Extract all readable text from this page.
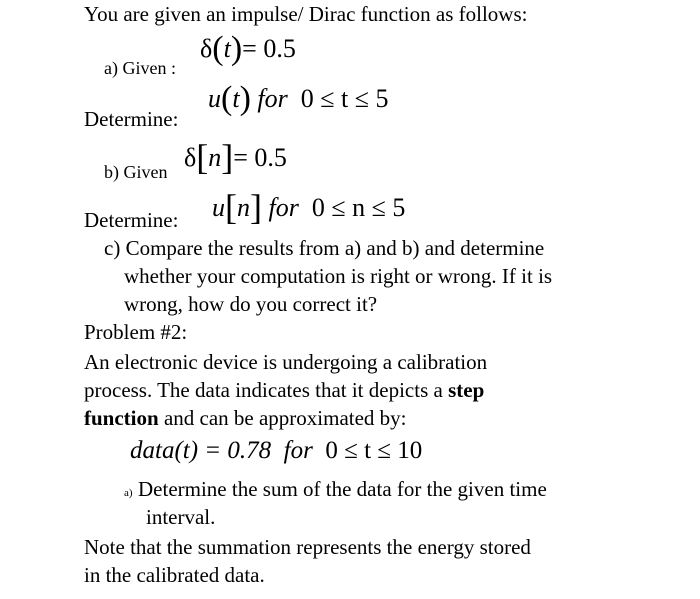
You are given an impulse/ Dirac function as follows:
a) Given :
δ(t)= 0.5
Determine:
u(t) for 0 ≤ t ≤ 5
b) Given δ[n]= 0.5
Determine: u[n] for 0 ≤ n ≤ 5
c) Compare the results from a) and b) and determine
whether your computation is right or wrong. If it is
wrong, how do you correct it?
Problem #2:
An electronic device is undergoing a calibration
process. The data indicates that it depicts a step
function and can be approximated by:
data(t) = 0.78 for 0 ≤ t ≤ 10
a) Determine the sum of the data for the given time
interval.
Note that the summation represents the energy stored
in the calibrated data.
